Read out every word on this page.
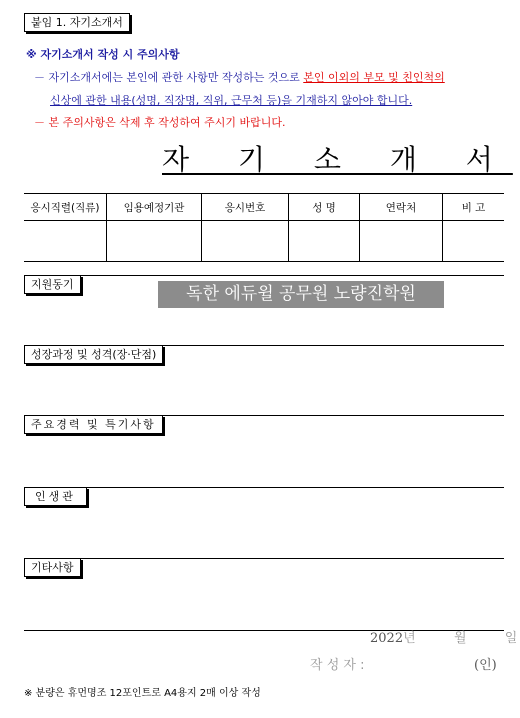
붙임 1. 자기소개서
※ 자기소개서 작성 시 주의사항
－ 자기소개서에는 본인에 관한 사항만 작성하는 것으로 본인 이외의 부모 및 친인척의
신상에 관한 내용(성명, 직장명, 직위, 근무처 등)을 기재하지 않아야 합니다.
－ 본 주의사항은 삭제 후 작성하여 주시기 바랍니다.
자 기 소 개 서
응시직렬(직류)	임용예정기관	응시번호	성 명	연락처	비 고

지원동기	독한 에듀윌 공무원 노량진학원
성장과정 및 성격(장·단점)
주요경력 및 특기사항
인생관
기타사항
2022년	월	일
작 성 자 :	(인)
※ 분량은 휴먼명조 12포인트로 A4용지 2매 이상 작성
